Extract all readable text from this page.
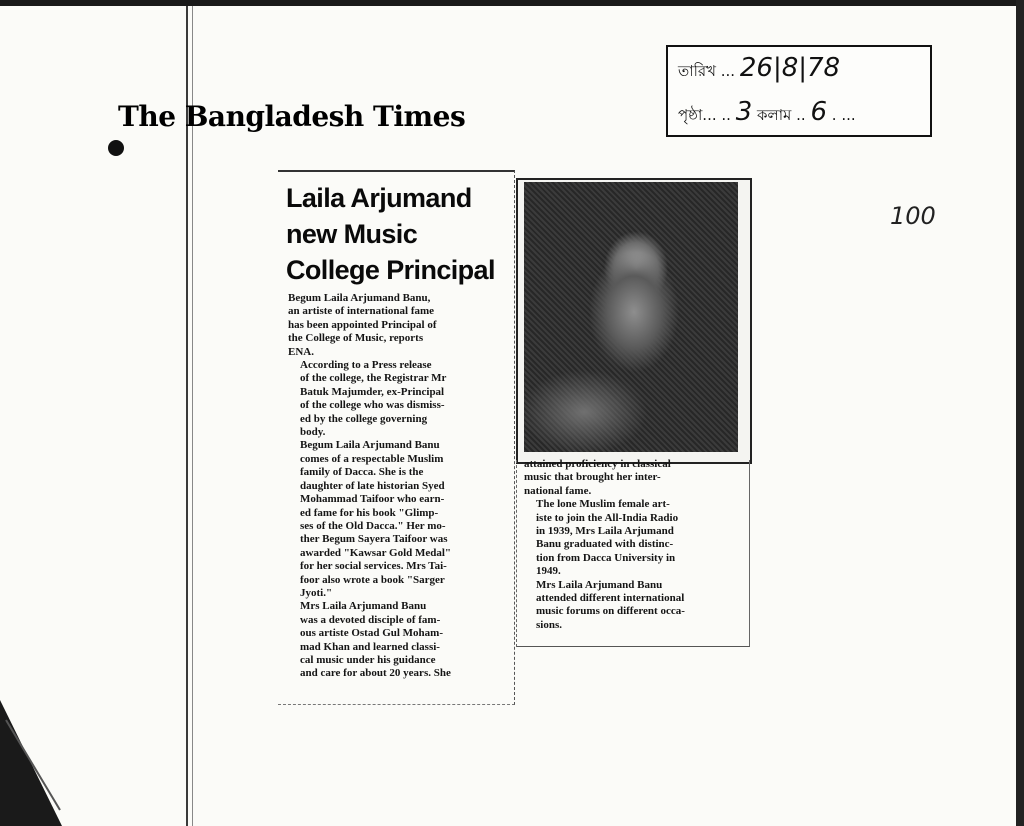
The Bangladesh Times
তারিখ ... 26|8|78
পৃষ্ঠা... .. 3 কলাম .. 6 . ...
100
Laila Arjumand
new Music
College Principal

Begum Laila Arjumand Banu,
an artiste of international fame
has been appointed Principal of
the College of Music, reports
ENA.

According to a Press release
of the college, the Registrar Mr
Batuk Majumder, ex-Principal
of the college who was dismiss-
ed by the college governing
body.

Begum Laila Arjumand Banu
comes of a respectable Muslim
family of Dacca. She is the
daughter of late historian Syed
Mohammad Taifoor who earn-
ed fame for his book "Glimp-
ses of the Old Dacca." Her mo-
ther Begum Sayera Taifoor was
awarded "Kawsar Gold Medal"
for her social services. Mrs Tai-
foor also wrote a book "Sarger
Jyoti."

Mrs Laila Arjumand Banu
was a devoted disciple of fam-
ous artiste Ostad Gul Moham-
mad Khan and learned classi-
cal music under his guidance
and care for about 20 years. She

attained proficiency in classical
music that brought her inter-
national fame.

The lone Muslim female art-
iste to join the All-India Radio
in 1939, Mrs Laila Arjumand
Banu graduated with distinc-
tion from Dacca University in
1949.

Mrs Laila Arjumand Banu
attended different international
music forums on different occa-
sions.
